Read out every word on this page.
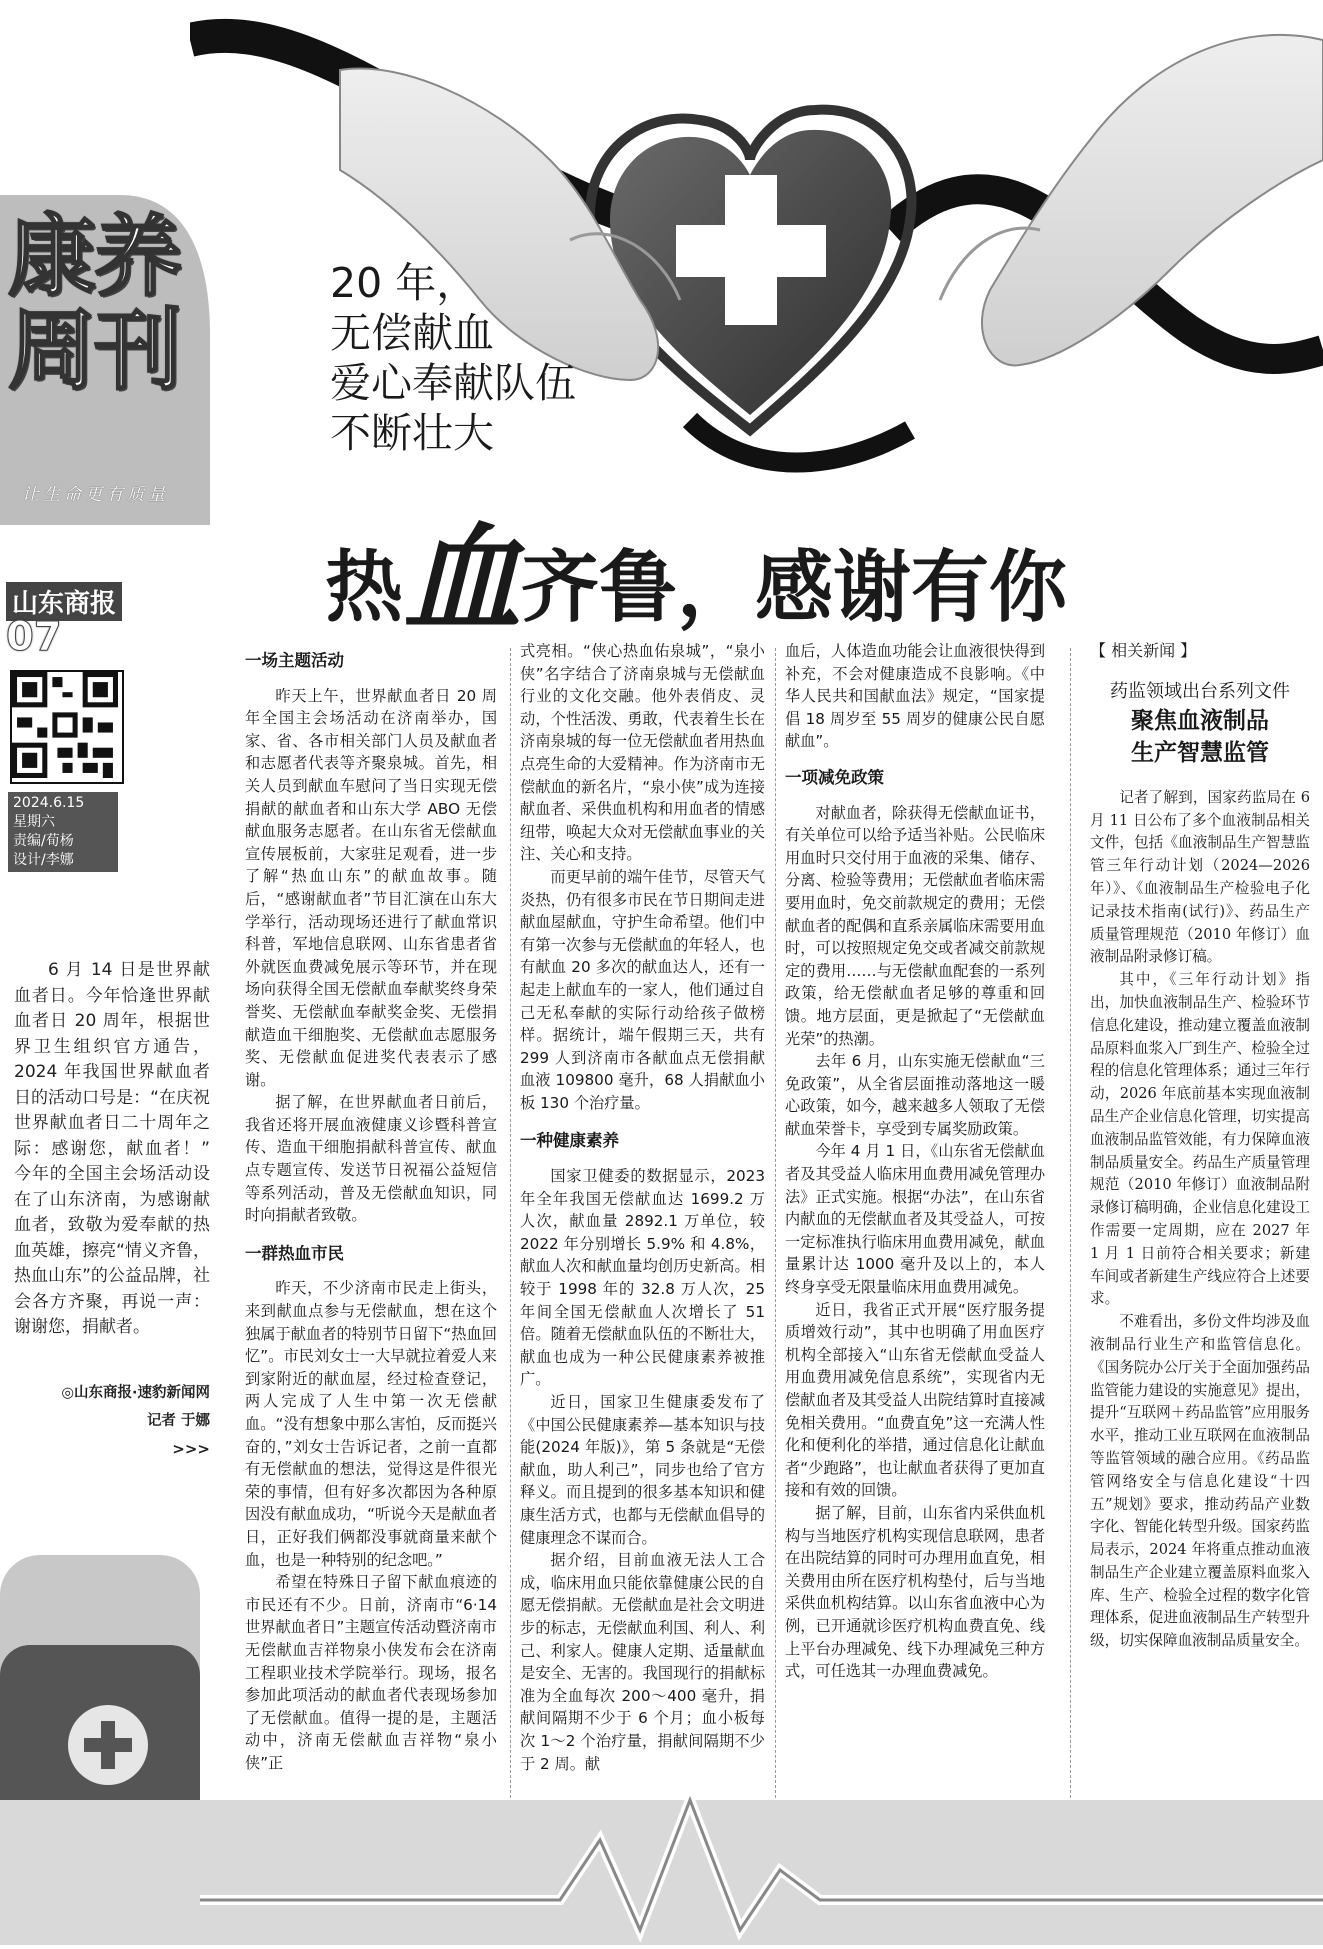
康养
周刊
让生命更有质量
山东商报
07
2024.6.15
星期六
责编/荀杨
设计/李娜
20 年，
无偿献血
爱心奉献队伍
不断壮大
热血齐鲁，感谢有你

6 月 14 日是世界献血者日。今年恰逢世界献血者日 20 周年，根据世界卫生组织官方通告，2024 年我国世界献血者日的活动口号是：“在庆祝世界献血者日二十周年之际：感谢您，献血者！” 今年的全国主会场活动设在了山东济南，为感谢献血者，致敬为爱奉献的热血英雄，擦亮“情义齐鲁，热血山东”的公益品牌，社会各方齐聚，再说一声：谢谢您，捐献者。

◎山东商报·速豹新闻网
记者 于娜
>>>

一场主题活动

昨天上午，世界献血者日 20 周年全国主会场活动在济南举办，国家、省、各市相关部门人员及献血者和志愿者代表等齐聚泉城。首先，相关人员到献血车慰问了当日实现无偿捐献的献血者和山东大学 ABO 无偿献血服务志愿者。在山东省无偿献血宣传展板前，大家驻足观看，进一步了解“热血山东”的献血故事。随后，“感谢献血者”节目汇演在山东大学举行，活动现场还进行了献血常识科普，军地信息联网、山东省患者省外就医血费减免展示等环节，并在现场向获得全国无偿献血奉献奖终身荣誉奖、无偿献血奉献奖金奖、无偿捐献造血干细胞奖、无偿献血志愿服务奖、无偿献血促进奖代表表示了感谢。

据了解，在世界献血者日前后，我省还将开展血液健康义诊暨科普宣传、造血干细胞捐献科普宣传、献血点专题宣传、发送节日祝福公益短信等系列活动，普及无偿献血知识，同时向捐献者致敬。

一群热血市民

昨天，不少济南市民走上街头，来到献血点参与无偿献血，想在这个独属于献血者的特别节日留下“热血回忆”。市民刘女士一大早就拉着爱人来到家附近的献血屋，经过检查登记，两人完成了人生中第一次无偿献血。“没有想象中那么害怕，反而挺兴奋的，”刘女士告诉记者，之前一直都有无偿献血的想法，觉得这是件很光荣的事情，但有好多次都因为各种原因没有献血成功，“听说今天是献血者日，正好我们俩都没事就商量来献个血，也是一种特别的纪念吧。”

希望在特殊日子留下献血痕迹的市民还有不少。日前，济南市“6·14 世界献血者日”主题宣传活动暨济南市无偿献血吉祥物泉小侠发布会在济南工程职业技术学院举行。现场，报名参加此项活动的献血者代表现场参加了无偿献血。值得一提的是，主题活动中，济南无偿献血吉祥物“泉小侠”正

式亮相。“侠心热血佑泉城”，“泉小侠”名字结合了济南泉城与无偿献血行业的文化交融。他外表俏皮、灵动，个性活泼、勇敢，代表着生长在济南泉城的每一位无偿献血者用热血点亮生命的大爱精神。作为济南市无偿献血的新名片，“泉小侠”成为连接献血者、采供血机构和用血者的情感纽带，唤起大众对无偿献血事业的关注、关心和支持。

而更早前的端午佳节，尽管天气炎热，仍有很多市民在节日期间走进献血屋献血，守护生命希望。他们中有第一次参与无偿献血的年轻人，也有献血 20 多次的献血达人，还有一起走上献血车的一家人，他们通过自己无私奉献的实际行动给孩子做榜样。据统计，端午假期三天，共有 299 人到济南市各献血点无偿捐献血液 109800 毫升，68 人捐献血小板 130 个治疗量。

一种健康素养

国家卫健委的数据显示，2023 年全年我国无偿献血达 1699.2 万人次，献血量 2892.1 万单位，较 2022 年分别增长 5.9% 和 4.8%，献血人次和献血量均创历史新高。相较于 1998 年的 32.8 万人次，25 年间全国无偿献血人次增长了 51 倍。随着无偿献血队伍的不断壮大，献血也成为一种公民健康素养被推广。

近日，国家卫生健康委发布了《中国公民健康素养—基本知识与技能(2024 年版)》，第 5 条就是“无偿献血，助人利己”，同步也给了官方释义。而且提到的很多基本知识和健康生活方式，也都与无偿献血倡导的健康理念不谋而合。

据介绍，目前血液无法人工合成，临床用血只能依靠健康公民的自愿无偿捐献。无偿献血是社会文明进步的标志，无偿献血利国、利人、利己、利家人。健康人定期、适量献血是安全、无害的。我国现行的捐献标准为全血每次 200～400 毫升，捐献间隔期不少于 6 个月；血小板每次 1～2 个治疗量，捐献间隔期不少于 2 周。献

血后，人体造血功能会让血液很快得到补充，不会对健康造成不良影响。《中华人民共和国献血法》规定，“国家提倡 18 周岁至 55 周岁的健康公民自愿献血”。

一项减免政策

对献血者，除获得无偿献血证书，有关单位可以给予适当补贴。公民临床用血时只交付用于血液的采集、储存、分离、检验等费用；无偿献血者临床需要用血时，免交前款规定的费用；无偿献血者的配偶和直系亲属临床需要用血时，可以按照规定免交或者减交前款规定的费用……与无偿献血配套的一系列政策，给无偿献血者足够的尊重和回馈。地方层面，更是掀起了“无偿献血光荣”的热潮。

去年 6 月，山东实施无偿献血“三免政策”，从全省层面推动落地这一暖心政策，如今，越来越多人领取了无偿献血荣誉卡，享受到专属奖励政策。

今年 4 月 1 日，《山东省无偿献血者及其受益人临床用血费用减免管理办法》正式实施。根据“办法”，在山东省内献血的无偿献血者及其受益人，可按一定标准执行临床用血费用减免，献血量累计达 1000 毫升及以上的，本人终身享受无限量临床用血费用减免。

近日，我省正式开展“医疗服务提质增效行动”，其中也明确了用血医疗机构全部接入“山东省无偿献血受益人用血费用减免信息系统”，实现省内无偿献血者及其受益人出院结算时直接减免相关费用。“血费直免”这一充满人性化和便利化的举措，通过信息化让献血者“少跑路”，也让献血者获得了更加直接和有效的回馈。

据了解，目前，山东省内采供血机构与当地医疗机构实现信息联网，患者在出院结算的同时可办理用血直免，相关费用由所在医疗机构垫付，后与当地采供血机构结算。以山东省血液中心为例，已开通就诊医疗机构血费直免、线上平台办理减免、线下办理减免三种方式，可任选其一办理血费减免。

【 相关新闻 】
药监领域出台系列文件
聚焦血液制品
生产智慧监管

记者了解到，国家药监局在 6 月 11 日公布了多个血液制品相关文件，包括《血液制品生产智慧监管三年行动计划（2024—2026 年）》、《血液制品生产检验电子化记录技术指南(试行)》、药品生产质量管理规范（2010 年修订）血液制品附录修订稿。

其中，《三年行动计划》指出，加快血液制品生产、检验环节信息化建设，推动建立覆盖血液制品原料血浆入厂到生产、检验全过程的信息化管理体系；通过三年行动，2026 年底前基本实现血液制品生产企业信息化管理，切实提高血液制品监管效能，有力保障血液制品质量安全。药品生产质量管理规范（2010 年修订）血液制品附录修订稿明确，企业信息化建设工作需要一定周期，应在 2027 年 1 月 1 日前符合相关要求；新建车间或者新建生产线应符合上述要求。

不难看出，多份文件均涉及血液制品行业生产和监管信息化。《国务院办公厅关于全面加强药品监管能力建设的实施意见》提出，提升“互联网＋药品监管”应用服务水平，推动工业互联网在血液制品等监管领域的融合应用。《药品监管网络安全与信息化建设“十四五”规划》要求，推动药品产业数字化、智能化转型升级。国家药监局表示，2024 年将重点推动血液制品生产企业建立覆盖原料血浆入库、生产、检验全过程的数字化管理体系，促进血液制品生产转型升级，切实保障血液制品质量安全。
